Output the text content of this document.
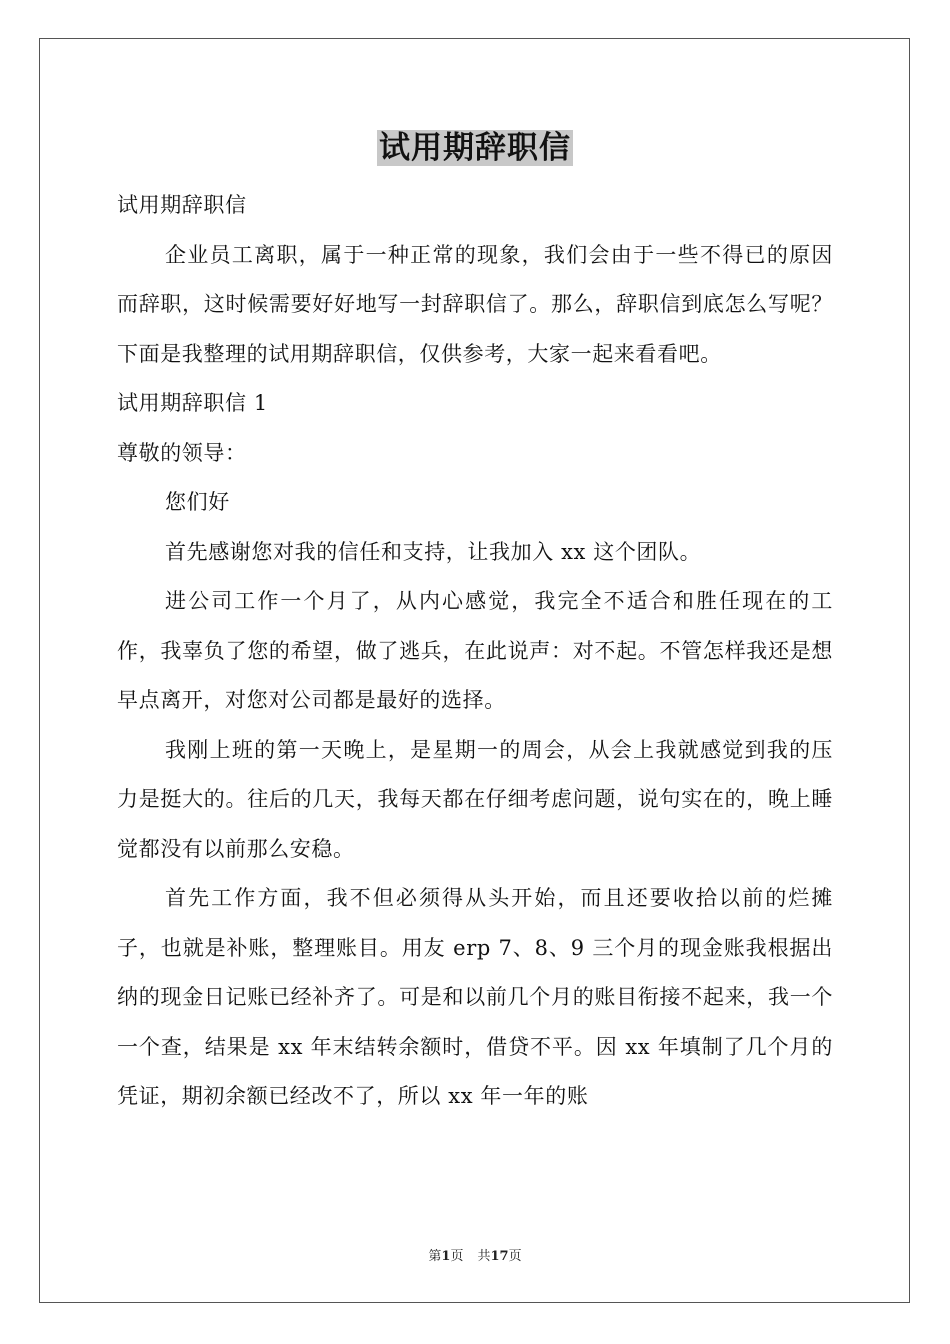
试用期辞职信

试用期辞职信

企业员工离职，属于一种正常的现象，我们会由于一些不得已的原因而辞职，这时候需要好好地写一封辞职信了。那么，辞职信到底怎么写呢？下面是我整理的试用期辞职信，仅供参考，大家一起来看看吧。

试用期辞职信 1

尊敬的领导：

您们好

首先感谢您对我的信任和支持，让我加入 xx 这个团队。

进公司工作一个月了，从内心感觉，我完全不适合和胜任现在的工作，我辜负了您的希望，做了逃兵，在此说声：对不起。不管怎样我还是想早点离开，对您对公司都是最好的选择。

我刚上班的第一天晚上，是星期一的周会，从会上我就感觉到我的压力是挺大的。往后的几天，我每天都在仔细考虑问题，说句实在的，晚上睡觉都没有以前那么安稳。

首先工作方面，我不但必须得从头开始，而且还要收拾以前的烂摊子，也就是补账，整理账目。用友 erp 7、8、9 三个月的现金账我根据出纳的现金日记账已经补齐了。可是和以前几个月的账目衔接不起来，我一个一个查，结果是 xx 年末结转余额时，借贷不平。因 xx 年填制了几个月的凭证，期初余额已经改不了，所以 xx 年一年的账

第1页 共17页
